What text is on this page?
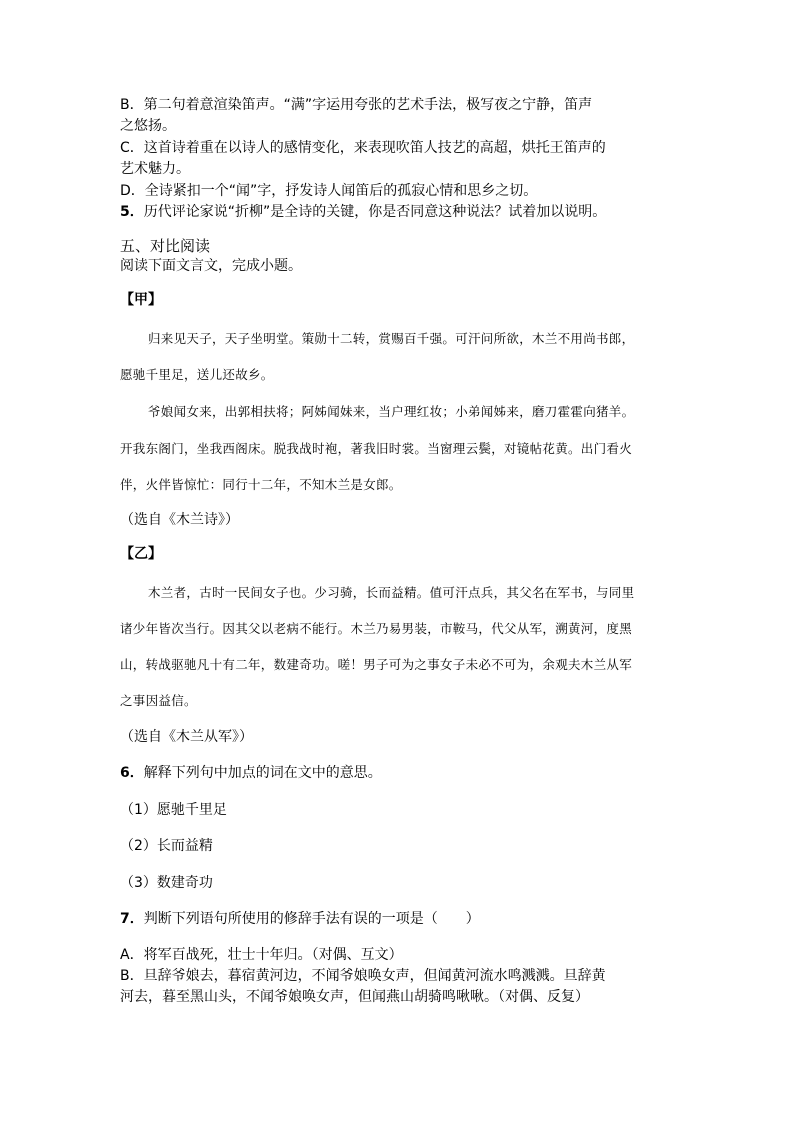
B．第二句着意渲染笛声。“满”字运用夸张的艺术手法，极写夜之宁静，笛声
之悠扬。
C．这首诗着重在以诗人的感情变化，来表现吹笛人技艺的高超，烘托王笛声的
艺术魅力。
D．全诗紧扣一个“闻”字，抒发诗人闻笛后的孤寂心情和思乡之切。
5．历代评论家说“折柳”是全诗的关键，你是否同意这种说法？试着加以说明。
五、对比阅读
阅读下面文言文，完成小题。
【甲】
归来见天子，天子坐明堂。策勋十二转，赏赐百千强。可汗问所欲，木兰不用尚书郎，
愿驰千里足，送儿还故乡。
爷娘闻女来，出郭相扶将；阿姊闻妹来，当户理红妆；小弟闻姊来，磨刀霍霍向猪羊。
开我东阁门，坐我西阁床。脱我战时袍，著我旧时裳。当窗理云鬓，对镜帖花黄。出门看火
伴，火伴皆惊忙：同行十二年，不知木兰是女郎。
（选自《木兰诗》）
【乙】
木兰者，古时一民间女子也。少习骑，长而益精。值可汗点兵，其父名在军书，与同里
诸少年皆次当行。因其父以老病不能行。木兰乃易男装，市鞍马，代父从军，溯黄河，度黑
山，转战驱驰凡十有二年，数建奇功。嗟！男子可为之事女子未必不可为，余观夫木兰从军
之事因益信。
（选自《木兰从军》）
6．解释下列句中加点的词在文中的意思。
（1）愿驰千里足
（2）长而益精
（3）数建奇功
7．判断下列语句所使用的修辞手法有误的一项是（　　）
A．将军百战死，壮士十年归。（对偶、互文）
B．旦辞爷娘去，暮宿黄河边，不闻爷娘唤女声，但闻黄河流水鸣溅溅。旦辞黄
河去，暮至黑山头，不闻爷娘唤女声，但闻燕山胡骑鸣啾啾。（对偶、反复）
